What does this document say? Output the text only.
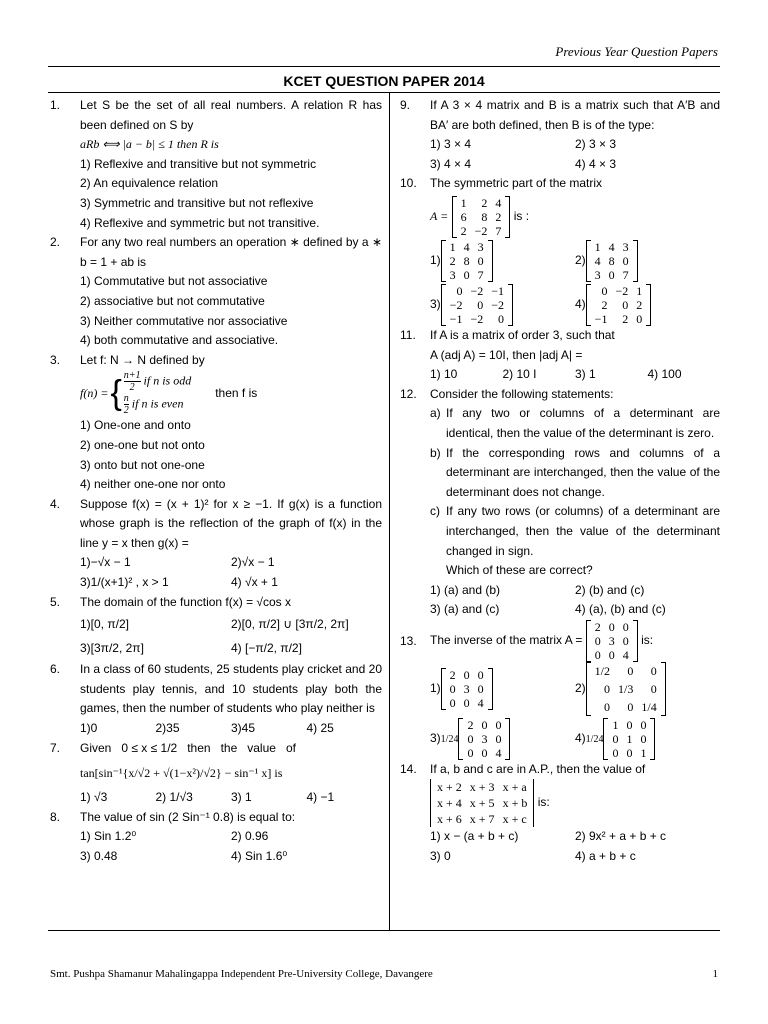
Previous Year Question Papers
KCET QUESTION PAPER 2014
Smt. Pushpa Shamanur Mahalingappa Independent Pre-University College, Davangere	1
1. Let S be the set of all real numbers. A relation R has been defined on S by
aRb ⟺ |a − b| ≤ 1 then R is
1) Reflexive and transitive but not symmetric
2) An equivalence relation
3) Symmetric and transitive but not reflexive
4) Reflexive and symmetric but not transitive.
2. For any two real numbers an operation ∗ defined by a ∗ b = 1 + ab is
1) Commutative but not associative
2) associative but not commutative
3) Neither commutative nor associative
4) both commutative and associative.
3. Let f: N → N defined by
f(n) = { $\frac{n+1}{2}$ if n is odd
$\frac{n}{2}$ if n is even
then f is
1) One-one and onto
2) one-one but not onto
3) onto but not one-one
4) neither one-one nor onto
4. Suppose f(x) = (x + 1)² for x ≥ −1. If g(x) is a function whose graph is the reflection of the graph of f(x) in the line y = x then g(x) =
1)−√x − 1	2)√x − 1
3)1/(x+1)² , x > 1	4) √x + 1
5. The domain of the function f(x) = √cos x
1)[0, π/2]	2)[0, π/2] ∪ [3π/2, 2π]
3)[3π/2, 2π]	4) [−π/2, π/2]
6. In a class of 60 students, 25 students play cricket and 20 students play tennis, and 10 students play both the games, then the number of students who play neither is
1)0	2)35	3)45	4) 25
7. Given   0 ≤ x ≤ 1/2   then   the   value   of
tan[sin⁻¹{x/√2 + √(1−x²)/√2} − sin⁻¹ x] is
1) √3	2) 1/√3	3) 1	4) −1
8. The value of sin (2 Sin⁻¹ 0.8) is equal to:
1) Sin 1.2⁰	2) 0.96
3) 0.48	4) Sin 1.6⁰
9. If A 3 × 4 matrix and B is a matrix such that A′B and BA′ are both defined, then B is of the type:
1) 3 × 4	2) 3 × 3
3) 4 × 4	4) 4 × 3
10. The symmetric part of the matrix
A =
1	2	4
6	8	2
2	−2	7
is :
1)
1	4	3
2	8	0
3	0	7
2)
1	4	3
4	8	0
3	0	7
3)
0	−2	−1
−2	0	−2
−1	−2	0
4)
0	−2	1
2	0	2
−1	2	0
11. If A is a matrix of order 3, such that
A (adj A) = 10I, then |adj A| =
1) 10	2) 10 I	3) 1	4) 100
12. Consider the following statements:
a) If any two or columns of a determinant are identical, then the value of the determinant is zero.
b) If the corresponding rows and columns of a determinant are interchanged, then the value of the determinant does not change.
c) If any two rows (or columns) of a determinant are interchanged, then the value of the determinant changed in sign.
Which of these are correct?
1) (a) and (b)	2) (b) and (c)
3) (a) and (c)	4) (a), (b) and (c)
13. The inverse of the matrix A =
2	0	0
0	3	0
0	0	4
is:
1)
2	0	0
0	3	0
0	0	4
2)
1/2	0	0
0	1/3	0
0	0	1/4
3)1/24
2	0	0
0	3	0
0	0	4
4)1/24
1	0	0
0	1	0
0	0	1
14. If a, b and c are in A.P., then the value of
x + 2	x + 3	x + a
x + 4	x + 5	x + b
x + 6	x + 7	x + c
is:
1) x − (a + b + c)	2) 9x² + a + b + c
3) 0	4) a + b + c
